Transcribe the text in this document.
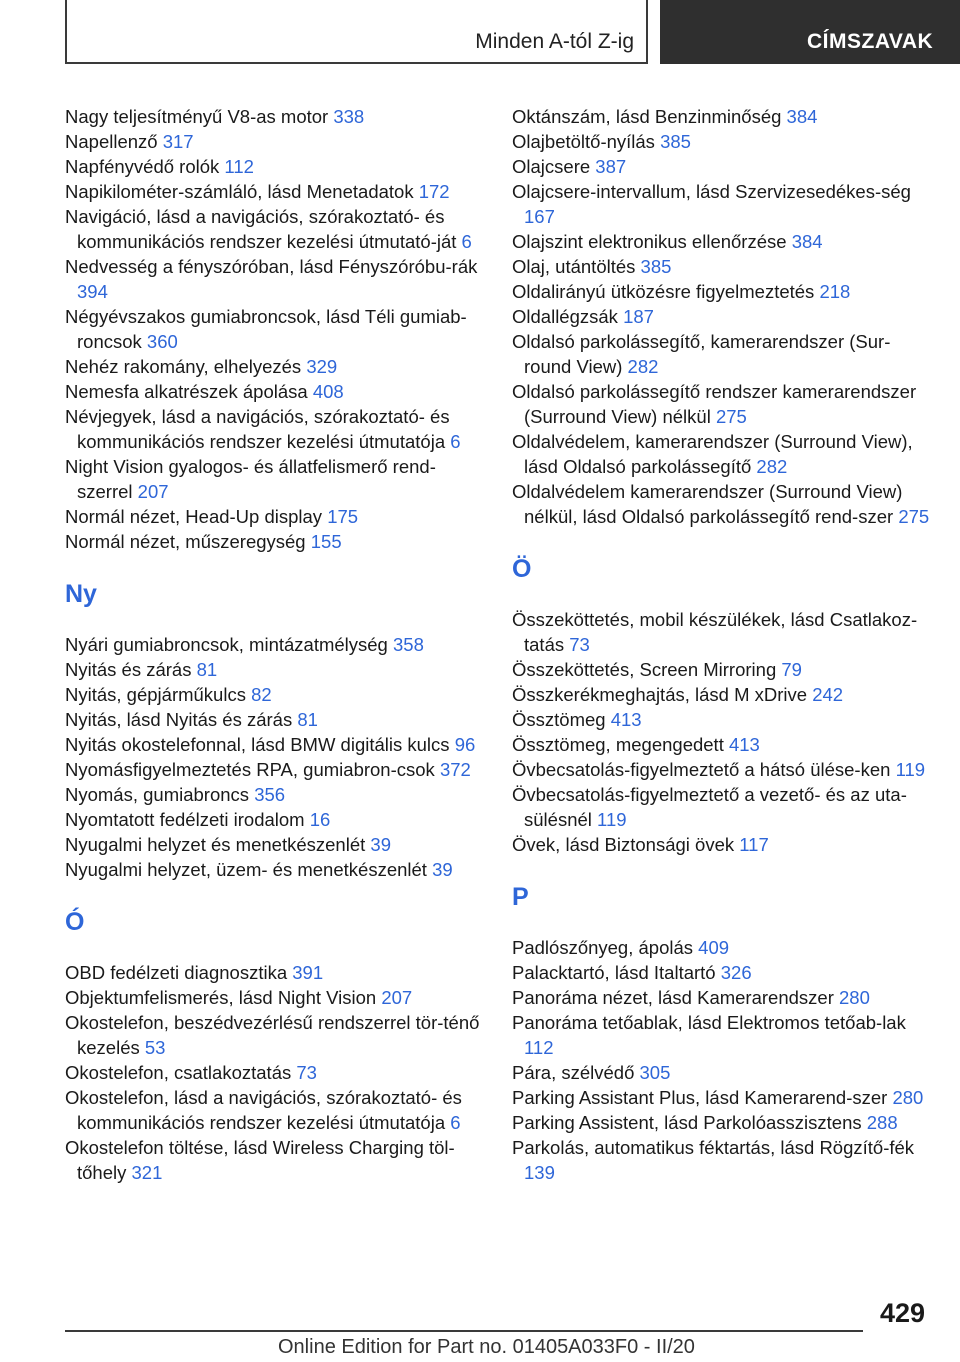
Minden A-tól Z-ig	CÍMSZAVAK

Nagy teljesítményű V8-as motor 338

Napellenző 317

Napfényvédő rolók 112

Napikilométer-számláló, lásd Menetadatok 172

Navigáció, lásd a navigációs, szórakoztató- és kommunikációs rendszer kezelési útmutató-ját 6

Nedvesség a fényszóróban, lásd Fényszóróbu-rák 394

Négyévszakos gumiabroncsok, lásd Téli gumiab-roncsok 360

Nehéz rakomány, elhelyezés 329

Nemesfa alkatrészek ápolása 408

Névjegyek, lásd a navigációs, szórakoztató- és kommunikációs rendszer kezelési útmutatója 6

Night Vision gyalogos- és állatfelismerő rend-szerrel 207

Normál nézet, Head-Up display 175

Normál nézet, műszeregység 155

Ny

Nyári gumiabroncsok, mintázatmélység 358

Nyitás és zárás 81

Nyitás, gépjárműkulcs 82

Nyitás, lásd Nyitás és zárás 81

Nyitás okostelefonnal, lásd BMW digitális kulcs 96

Nyomásfigyelmeztetés RPA, gumiabron-csok 372

Nyomás, gumiabroncs 356

Nyomtatott fedélzeti irodalom 16

Nyugalmi helyzet és menetkészenlét 39

Nyugalmi helyzet, üzem- és menetkészenlét 39

Ó

OBD fedélzeti diagnosztika 391

Objektumfelismerés, lásd Night Vision 207

Okostelefon, beszédvezérlésű rendszerrel tör-ténő kezelés 53

Okostelefon, csatlakoztatás 73

Okostelefon, lásd a navigációs, szórakoztató- és kommunikációs rendszer kezelési útmutatója 6

Okostelefon töltése, lásd Wireless Charging töl-tőhely 321

Oktánszám, lásd Benzinminőség 384

Olajbetöltő-nyílás 385

Olajcsere 387

Olajcsere-intervallum, lásd Szervizesedékes-ség 167

Olajszint elektronikus ellenőrzése 384

Olaj, utántöltés 385

Oldalirányú ütközésre figyelmeztetés 218

Oldallégzsák 187

Oldalsó parkolássegítő, kamerarendszer (Sur-round View) 282

Oldalsó parkolássegítő rendszer kamerarendszer (Surround View) nélkül 275

Oldalvédelem, kamerarendszer (Surround View), lásd Oldalsó parkolássegítő 282

Oldalvédelem kamerarendszer (Surround View) nélkül, lásd Oldalsó parkolássegítő rend-szer 275

Ö

Összeköttetés, mobil készülékek, lásd Csatlakoz-tatás 73

Összeköttetés, Screen Mirroring 79

Összkerékmeghajtás, lásd M xDrive 242

Össztömeg 413

Össztömeg, megengedett 413

Övbecsatolás-figyelmeztető a hátsó ülése-ken 119

Övbecsatolás-figyelmeztető a vezető- és az uta-sülésnél 119

Övek, lásd Biztonsági övek 117

P

Padlószőnyeg, ápolás 409

Palacktartó, lásd Italtartó 326

Panoráma nézet, lásd Kamerarendszer 280

Panoráma tetőablak, lásd Elektromos tetőab-lak 112

Pára, szélvédő 305

Parking Assistant Plus, lásd Kamerarend-szer 280

Parking Assistent, lásd Parkolóasszisztens 288

Parkolás, automatikus féktartás, lásd Rögzítő-fék 139

429
Online Edition for Part no. 01405A033F0 - II/20
